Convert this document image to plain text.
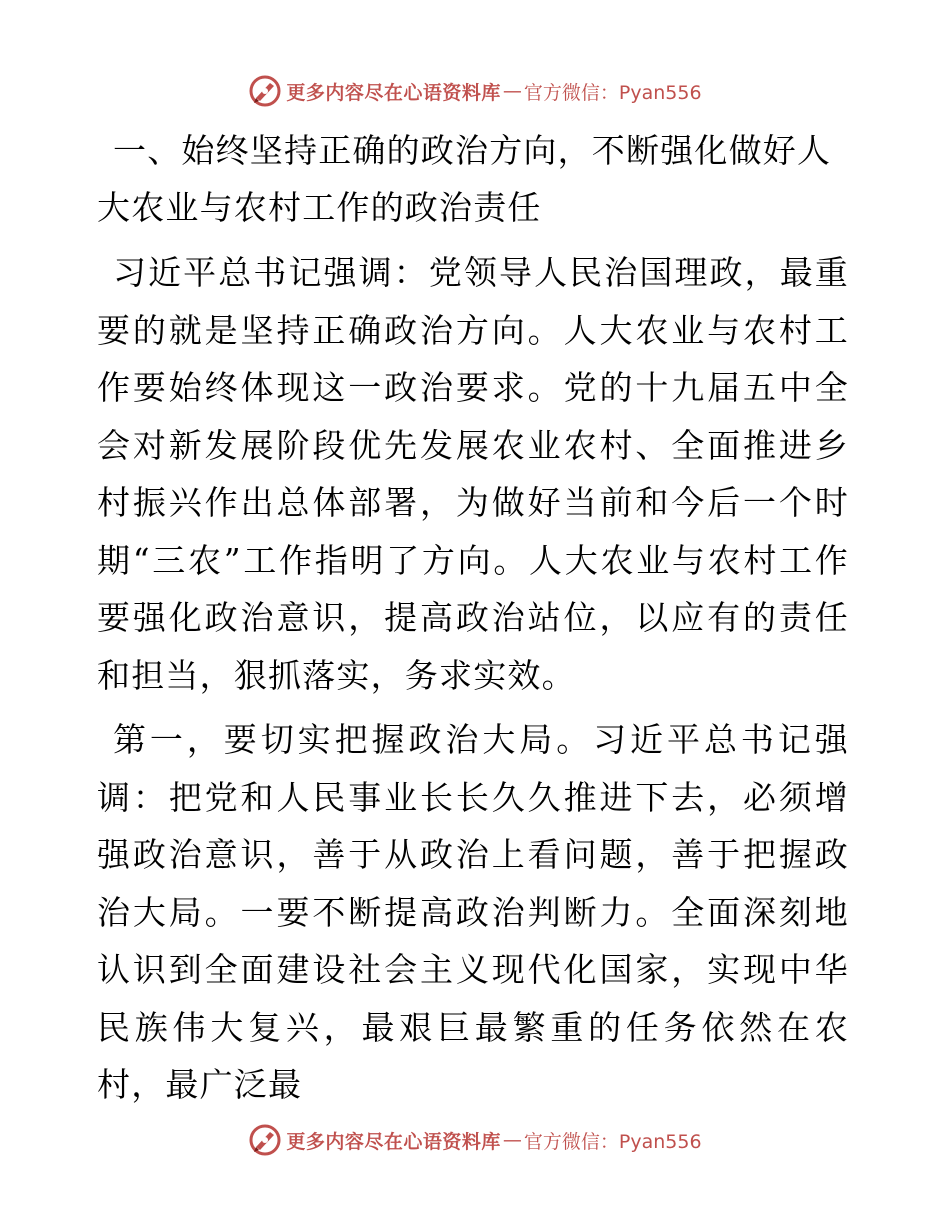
更多内容尽在心语资料库 — 官方微信：Pyan556

一、始终坚持正确的政治方向，不断强化做好人大农业与农村工作的政治责任

习近平总书记强调：党领导人民治国理政，最重要的就是坚持正确政治方向。人大农业与农村工作要始终体现这一政治要求。党的十九届五中全会对新发展阶段优先发展农业农村、全面推进乡村振兴作出总体部署，为做好当前和今后一个时期“三农”工作指明了方向。人大农业与农村工作要强化政治意识，提高政治站位，以应有的责任和担当，狠抓落实，务求实效。

第一，要切实把握政治大局。习近平总书记强调：把党和人民事业长长久久推进下去，必须增强政治意识，善于从政治上看问题，善于把握政治大局。一要不断提高政治判断力。全面深刻地认识到全面建设社会主义现代化国家，实现中华民族伟大复兴，最艰巨最繁重的任务依然在农村，最广泛最

更多内容尽在心语资料库 — 官方微信：Pyan556
